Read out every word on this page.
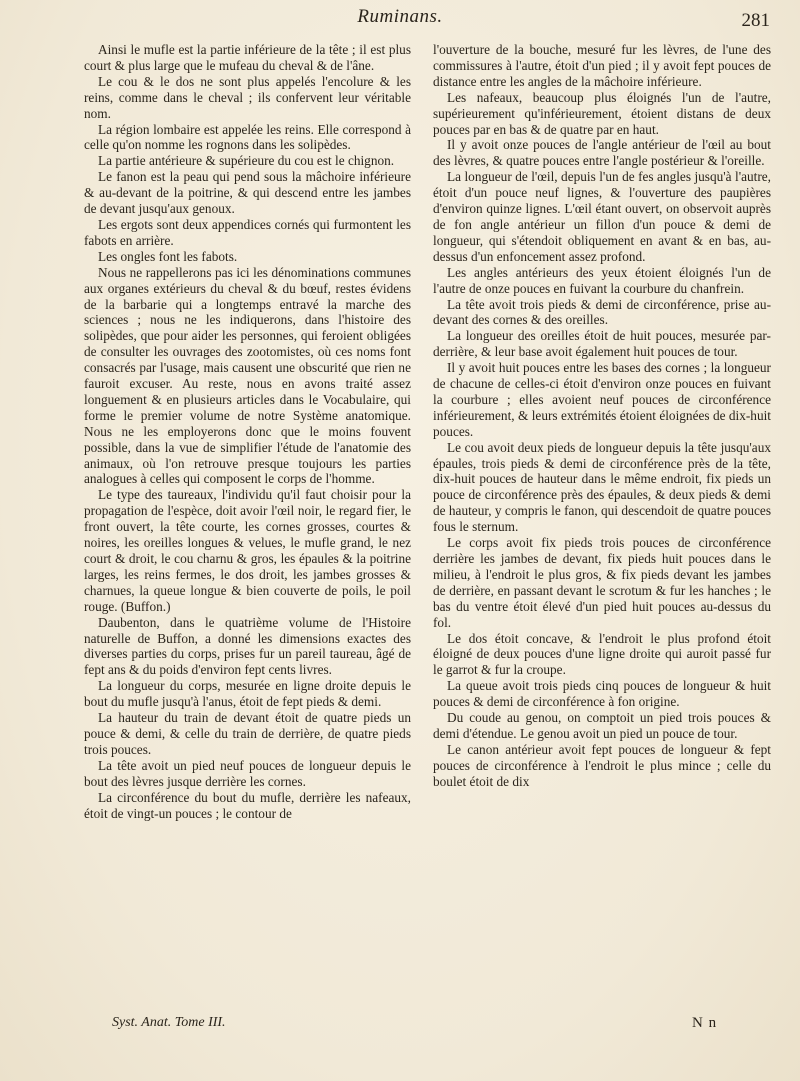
Ruminans.	281

Ainsi le mufle est la partie inférieure de la tête ; il est plus court & plus large que le mufeau du cheval & de l'âne.

Le cou & le dos ne sont plus appelés l'encolure & les reins, comme dans le cheval ; ils confervent leur véritable nom.

La région lombaire est appelée les reins. Elle correspond à celle qu'on nomme les rognons dans les solipèdes.

La partie antérieure & supérieure du cou est le chignon.

Le fanon est la peau qui pend sous la mâchoire inférieure & au-devant de la poitrine, & qui descend entre les jambes de devant jusqu'aux genoux.

Les ergots sont deux appendices cornés qui furmontent les fabots en arrière.

Les ongles font les fabots.

Nous ne rappellerons pas ici les dénominations communes aux organes extérieurs du cheval & du bœuf, restes évidens de la barbarie qui a longtemps entravé la marche des sciences ; nous ne les indiquerons, dans l'histoire des solipèdes, que pour aider les personnes, qui feroient obligées de consulter les ouvrages des zootomistes, où ces noms font consacrés par l'usage, mais causent une obscurité que rien ne fauroit excuser. Au reste, nous en avons traité assez longuement & en plusieurs articles dans le Vocabulaire, qui forme le premier volume de notre Système anatomique. Nous ne les employerons donc que le moins fouvent possible, dans la vue de simplifier l'étude de l'anatomie des animaux, où l'on retrouve presque toujours les parties analogues à celles qui composent le corps de l'homme.

Le type des taureaux, l'individu qu'il faut choisir pour la propagation de l'espèce, doit avoir l'œil noir, le regard fier, le front ouvert, la tête courte, les cornes grosses, courtes & noires, les oreilles longues & velues, le mufle grand, le nez court & droit, le cou charnu & gros, les épaules & la poitrine larges, les reins fermes, le dos droit, les jambes grosses & charnues, la queue longue & bien couverte de poils, le poil rouge. (Buffon.)

Daubenton, dans le quatrième volume de l'Histoire naturelle de Buffon, a donné les dimensions exactes des diverses parties du corps, prises fur un pareil taureau, âgé de fept ans & du poids d'environ fept cents livres.

La longueur du corps, mesurée en ligne droite depuis le bout du mufle jusqu'à l'anus, étoit de fept pieds & demi.

La hauteur du train de devant étoit de quatre pieds un pouce & demi, & celle du train de derrière, de quatre pieds trois pouces.

La tête avoit un pied neuf pouces de longueur depuis le bout des lèvres jusque derrière les cornes.

La circonférence du bout du mufle, derrière les nafeaux, étoit de vingt-un pouces ; le contour de

l'ouverture de la bouche, mesuré fur les lèvres, de l'une des commissures à l'autre, étoit d'un pied ; il y avoit fept pouces de distance entre les angles de la mâchoire inférieure.

Les nafeaux, beaucoup plus éloignés l'un de l'autre, supérieurement qu'inférieurement, étoient distans de deux pouces par en bas & de quatre par en haut.

Il y avoit onze pouces de l'angle antérieur de l'œil au bout des lèvres, & quatre pouces entre l'angle postérieur & l'oreille.

La longueur de l'œil, depuis l'un de fes angles jusqu'à l'autre, étoit d'un pouce neuf lignes, & l'ouverture des paupières d'environ quinze lignes. L'œil étant ouvert, on observoit auprès de fon angle antérieur un fillon d'un pouce & demi de longueur, qui s'étendoit obliquement en avant & en bas, au-dessus d'un enfoncement assez profond.

Les angles antérieurs des yeux étoient éloignés l'un de l'autre de onze pouces en fuivant la courbure du chanfrein.

La tête avoit trois pieds & demi de circonférence, prise au-devant des cornes & des oreilles.

La longueur des oreilles étoit de huit pouces, mesurée par-derrière, & leur base avoit également huit pouces de tour.

Il y avoit huit pouces entre les bases des cornes ; la longueur de chacune de celles-ci étoit d'environ onze pouces en fuivant la courbure ; elles avoient neuf pouces de circonférence inférieurement, & leurs extrémités étoient éloignées de dix-huit pouces.

Le cou avoit deux pieds de longueur depuis la tête jusqu'aux épaules, trois pieds & demi de circonférence près de la tête, dix-huit pouces de hauteur dans le même endroit, fix pieds un pouce de circonférence près des épaules, & deux pieds & demi de hauteur, y compris le fanon, qui descendoit de quatre pouces fous le sternum.

Le corps avoit fix pieds trois pouces de circonférence derrière les jambes de devant, fix pieds huit pouces dans le milieu, à l'endroit le plus gros, & fix pieds devant les jambes de derrière, en passant devant le scrotum & fur les hanches ; le bas du ventre étoit élevé d'un pied huit pouces au-dessus du fol.

Le dos étoit concave, & l'endroit le plus profond étoit éloigné de deux pouces d'une ligne droite qui auroit passé fur le garrot & fur la croupe.

La queue avoit trois pieds cinq pouces de longueur & huit pouces & demi de circonférence à fon origine.

Du coude au genou, on comptoit un pied trois pouces & demi d'étendue. Le genou avoit un pied un pouce de tour.

Le canon antérieur avoit fept pouces de longueur & fept pouces de circonférence à l'endroit le plus mince ; celle du boulet étoit de dix

Syst. Anat. Tome III.	N n
